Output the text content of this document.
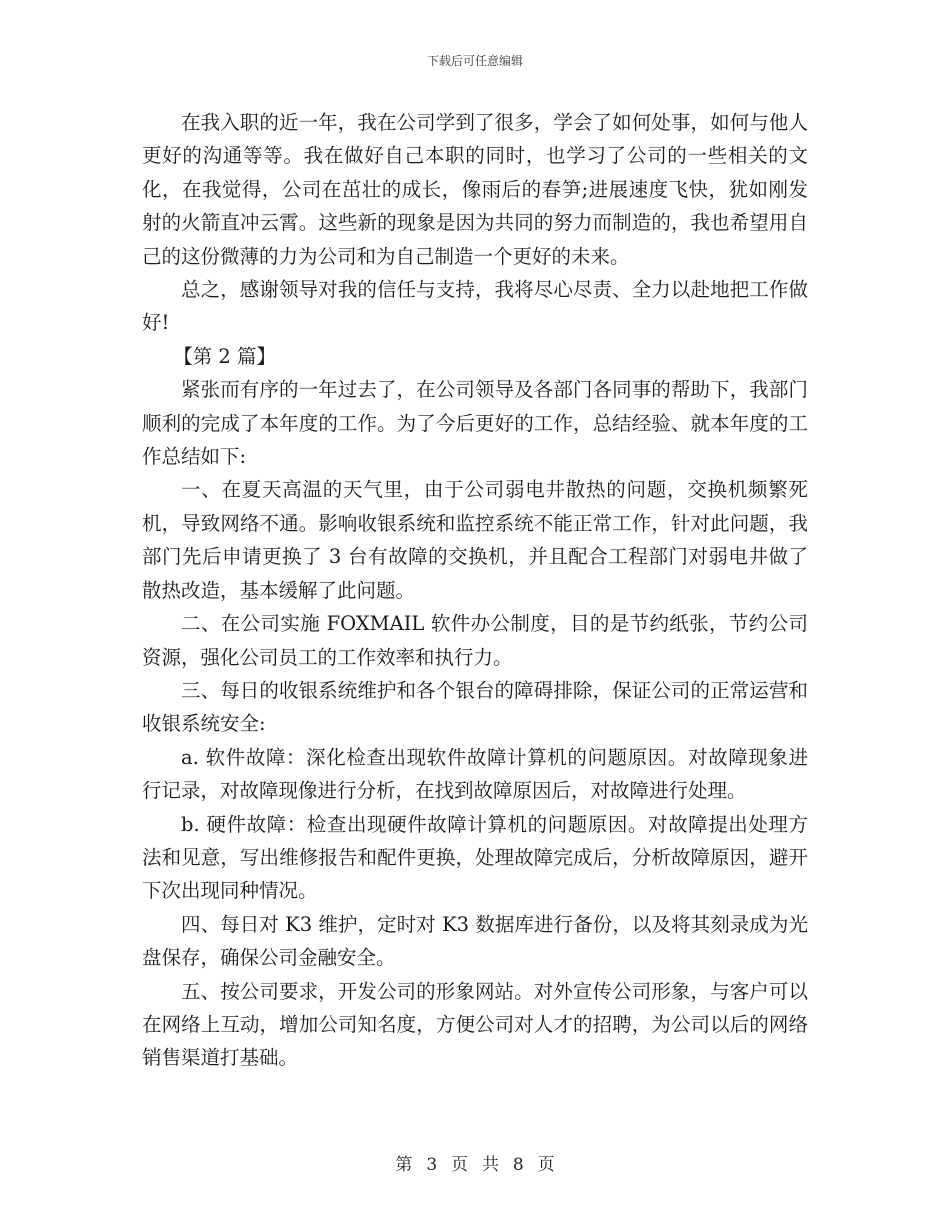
下载后可任意编辑

在我入职的近一年，我在公司学到了很多，学会了如何处事，如何与他人更好的沟通等等。我在做好自己本职的同时，也学习了公司的一些相关的文化，在我觉得，公司在茁壮的成长，像雨后的春笋;进展速度飞快，犹如刚发射的火箭直冲云霄。这些新的现象是因为共同的努力而制造的，我也希望用自己的这份微薄的力为公司和为自己制造一个更好的未来。

总之，感谢领导对我的信任与支持，我将尽心尽责、全力以赴地把工作做好!

【第 2 篇】

紧张而有序的一年过去了，在公司领导及各部门各同事的帮助下，我部门顺利的完成了本年度的工作。为了今后更好的工作，总结经验、就本年度的工作总结如下:

一、在夏天高温的天气里，由于公司弱电井散热的问题，交换机频繁死机，导致网络不通。影响收银系统和监控系统不能正常工作，针对此问题，我部门先后申请更换了 3 台有故障的交换机，并且配合工程部门对弱电井做了散热改造，基本缓解了此问题。

二、在公司实施 FOXMAIL 软件办公制度，目的是节约纸张，节约公司资源，强化公司员工的工作效率和执行力。

三、每日的收银系统维护和各个银台的障碍排除，保证公司的正常运营和收银系统安全:

a. 软件故障：深化检查出现软件故障计算机的问题原因。对故障现象进行记录，对故障现像进行分析，在找到故障原因后，对故障进行处理。

b. 硬件故障：检查出现硬件故障计算机的问题原因。对故障提出处理方法和见意，写出维修报告和配件更换，处理故障完成后，分析故障原因，避开下次出现同种情况。

四、每日对 K3 维护，定时对 K3 数据库进行备份，以及将其刻录成为光盘保存，确保公司金融安全。

五、按公司要求，开发公司的形象网站。对外宣传公司形象，与客户可以在网络上互动，增加公司知名度，方便公司对人才的招聘，为公司以后的网络销售渠道打基础。

第 3 页 共 8 页
